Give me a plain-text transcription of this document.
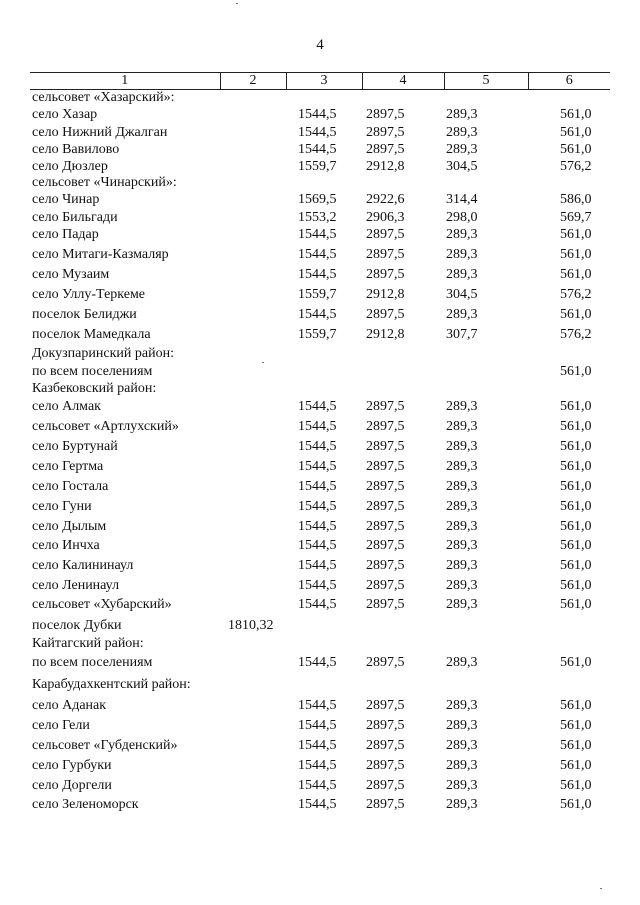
4
1	2	3	4	5	6
сельсовет «Хазарский»:					
село Хазар		1544,5	2897,5	289,3	561,0
село Нижний Джалган		1544,5	2897,5	289,3	561,0
село Вавилово		1544,5	2897,5	289,3	561,0
село Дюзлер		1559,7	2912,8	304,5	576,2
сельсовет «Чинарский»:					
село Чинар		1569,5	2922,6	314,4	586,0
село Бильгади		1553,2	2906,3	298,0	569,7
село Падар		1544,5	2897,5	289,3	561,0
село Митаги-Казмаляр		1544,5	2897,5	289,3	561,0
село Музаим		1544,5	2897,5	289,3	561,0
село Уллу-Теркеме		1559,7	2912,8	304,5	576,2
поселок Белиджи		1544,5	2897,5	289,3	561,0
поселок Мамедкала		1559,7	2912,8	307,7	576,2
Докузпаринский район:					
по всем поселениям					561,0
Казбековский район:					
село Алмак		1544,5	2897,5	289,3	561,0
сельсовет «Артлухский»		1544,5	2897,5	289,3	561,0
село Буртунай		1544,5	2897,5	289,3	561,0
село Гертма		1544,5	2897,5	289,3	561,0
село Гостала		1544,5	2897,5	289,3	561,0
село Гуни		1544,5	2897,5	289,3	561,0
село Дылым		1544,5	2897,5	289,3	561,0
село Инчха		1544,5	2897,5	289,3	561,0
село Калининаул		1544,5	2897,5	289,3	561,0
село Ленинаул		1544,5	2897,5	289,3	561,0
сельсовет «Хубарский»		1544,5	2897,5	289,3	561,0
поселок Дубки	1810,32				
Кайтагский район:					
по всем поселениям		1544,5	2897,5	289,3	561,0
Карабудахкентский район:					
село Аданак		1544,5	2897,5	289,3	561,0
село Гели		1544,5	2897,5	289,3	561,0
сельсовет «Губденский»		1544,5	2897,5	289,3	561,0
село Гурбуки		1544,5	2897,5	289,3	561,0
село Доргели		1544,5	2897,5	289,3	561,0
село Зеленоморск		1544,5	2897,5	289,3	561,0
